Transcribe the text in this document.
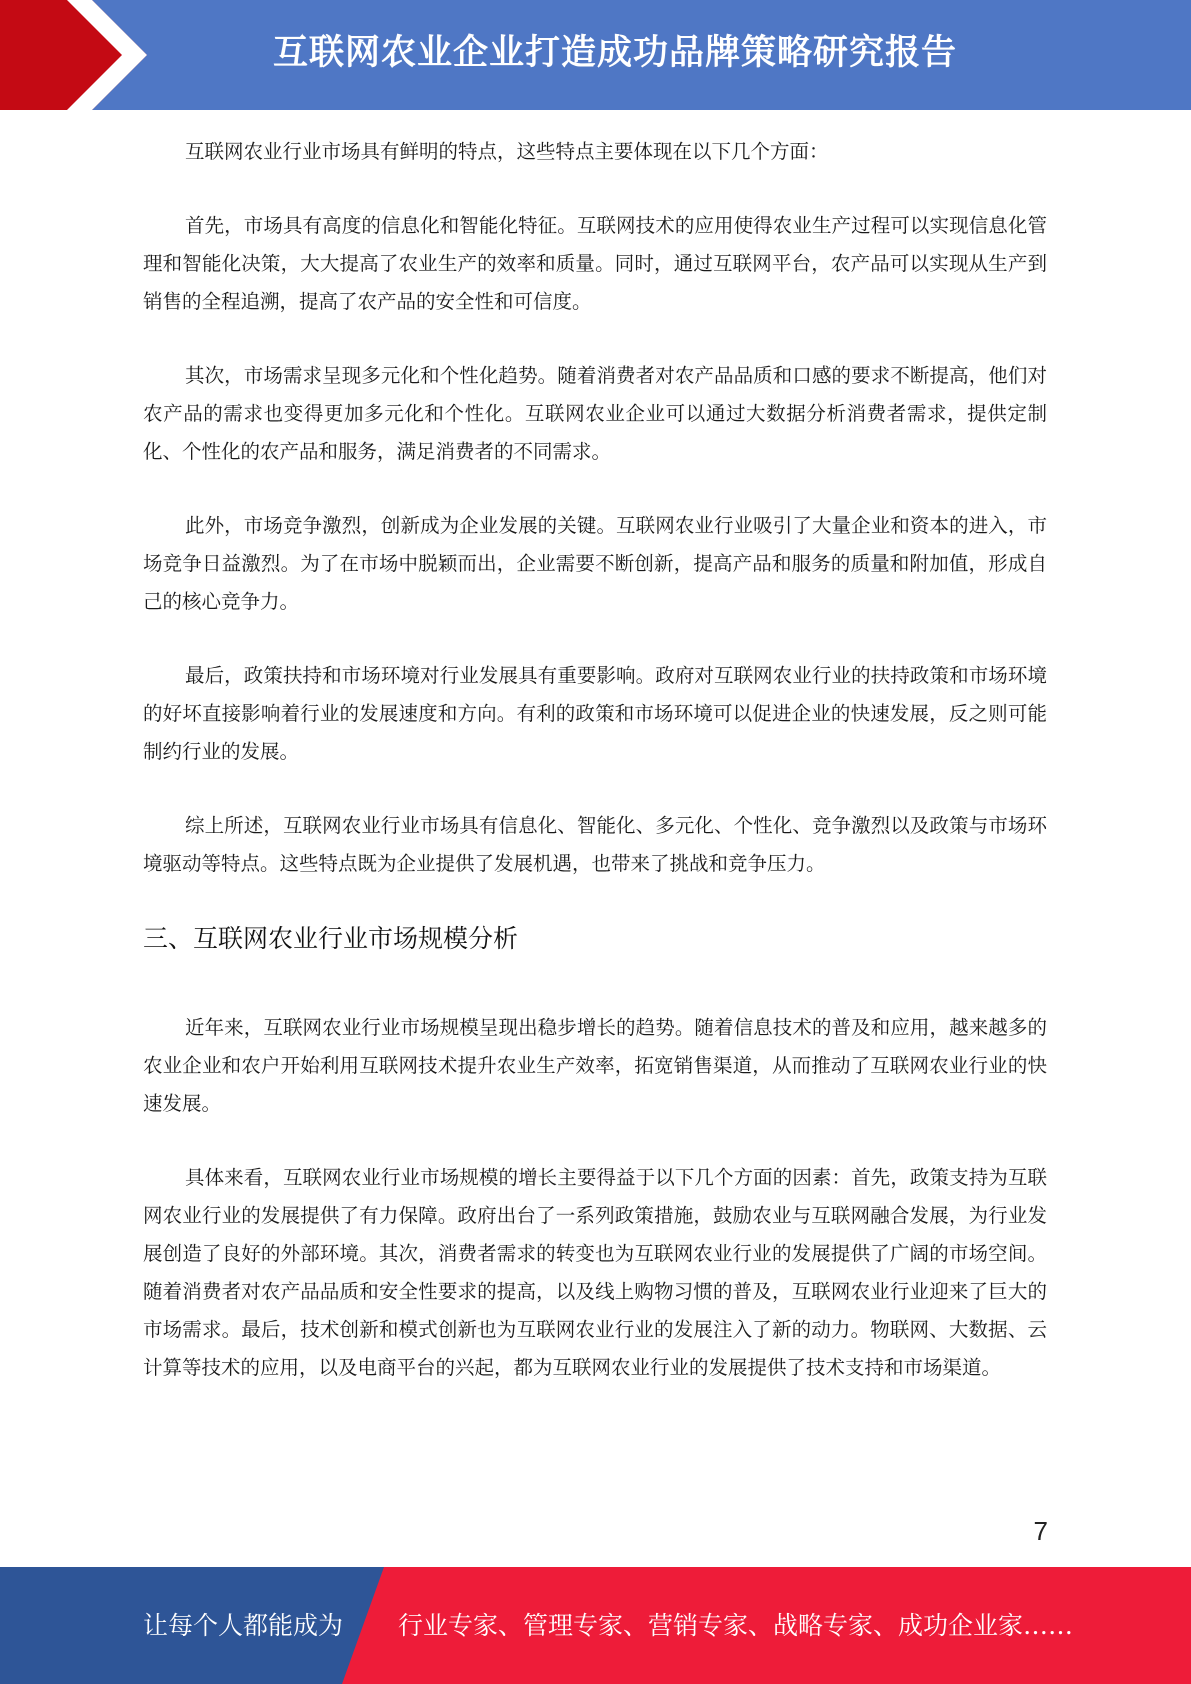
互联网农业企业打造成功品牌策略研究报告

互联网农业行业市场具有鲜明的特点，这些特点主要体现在以下几个方面：

首先，市场具有高度的信息化和智能化特征。互联网技术的应用使得农业生产过程可以实现信息化管理和智能化决策，大大提高了农业生产的效率和质量。同时，通过互联网平台，农产品可以实现从生产到销售的全程追溯，提高了农产品的安全性和可信度。

其次，市场需求呈现多元化和个性化趋势。随着消费者对农产品品质和口感的要求不断提高，他们对农产品的需求也变得更加多元化和个性化。互联网农业企业可以通过大数据分析消费者需求，提供定制化、个性化的农产品和服务，满足消费者的不同需求。

此外，市场竞争激烈，创新成为企业发展的关键。互联网农业行业吸引了大量企业和资本的进入，市场竞争日益激烈。为了在市场中脱颖而出，企业需要不断创新，提高产品和服务的质量和附加值，形成自己的核心竞争力。

最后，政策扶持和市场环境对行业发展具有重要影响。政府对互联网农业行业的扶持政策和市场环境的好坏直接影响着行业的发展速度和方向。有利的政策和市场环境可以促进企业的快速发展，反之则可能制约行业的发展。

综上所述，互联网农业行业市场具有信息化、智能化、多元化、个性化、竞争激烈以及政策与市场环境驱动等特点。这些特点既为企业提供了发展机遇，也带来了挑战和竞争压力。

三、互联网农业行业市场规模分析

近年来，互联网农业行业市场规模呈现出稳步增长的趋势。随着信息技术的普及和应用，越来越多的农业企业和农户开始利用互联网技术提升农业生产效率，拓宽销售渠道，从而推动了互联网农业行业的快速发展。

具体来看，互联网农业行业市场规模的增长主要得益于以下几个方面的因素：首先，政策支持为互联网农业行业的发展提供了有力保障。政府出台了一系列政策措施，鼓励农业与互联网融合发展，为行业发展创造了良好的外部环境。其次，消费者需求的转变也为互联网农业行业的发展提供了广阔的市场空间。随着消费者对农产品品质和安全性要求的提高，以及线上购物习惯的普及，互联网农业行业迎来了巨大的市场需求。最后，技术创新和模式创新也为互联网农业行业的发展注入了新的动力。物联网、大数据、云计算等技术的应用，以及电商平台的兴起，都为互联网农业行业的发展提供了技术支持和市场渠道。

7
让每个人都能成为 行业专家、管理专家、营销专家、战略专家、成功企业家……
